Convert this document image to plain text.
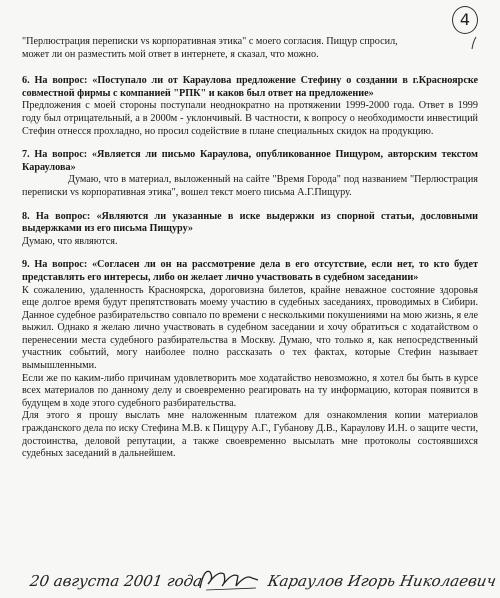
4

"Перлюстрация переписки vs корпоративная этика" с моего согласия. Пищур спросил,

может ли он разместить мой ответ в интернете, я сказал, что можно.

6. На вопрос: «Поступало ли от Караулова предложение Стефину о создании в г.Красноярске совместной фирмы с компанией "РПК" и каков был ответ на предложение»

Предложения с моей стороны поступали неоднократно на протяжении 1999-2000 года. Ответ в 1999 году был отрицательный, а в 2000м - уклончивый. В частности, к вопросу о необходимости инвестиций Стефин отнесся прохладно, но просил содействие в плане специальных скидок на продукцию.

7. На вопрос: «Является ли письмо Караулова, опубликованное Пищуром, авторским текстом Караулова»

Думаю, что в материал, выложенный на сайте "Время Города" под названием "Перлюстрация переписки vs корпоративная этика", вошел текст моего письма А.Г.Пищуру.

8. На вопрос: «Являются ли указанные в иске выдержки из спорной статьи, дословными выдержками из его письма Пищуру»

Думаю, что являются.

9. На вопрос: «Согласен ли он на рассмотрение дела в его отсутствие, если нет, то кто будет представлять его интересы, либо он желает лично участвовать в судебном заседании»

К сожалению, удаленность Красноярска, дороговизна билетов, крайне неважное состояние здоровья еще долгое время будут препятствовать моему участию в судебных заседаниях, проводимых в Сибири. Данное судебное разбирательство совпало по времени с несколькими покушениями на мою жизнь, я еле выжил. Однако я желаю лично участвовать в судебном заседании и хочу обратиться с ходатайством о перенесении места судебного разбирательства в Москву. Думаю, что только я, как непосредственный участник событий, могу наиболее полно рассказать о тех фактах, которые Стефин называет вымышленными.

Если же по каким-либо причинам удовлетворить мое ходатайство невозможно, я хотел бы быть в курсе всех материалов по данному делу и своевременно реагировать на ту информацию, которая появится в будущем в ходе этого судебного разбирательства.

Для этого я прошу выслать мне наложенным платежом для ознакомления копии материалов гражданского дела по иску Стефина М.В. к Пищуру А.Г., Губанову Д.В., Караулову И.Н. о защите чести, достоинства, деловой репутации, а также своевременно высылать мне протоколы состоявшихся судебных заседаний в дальнейшем.

20 августа 2001 года	Караулов Игорь Николаевич
